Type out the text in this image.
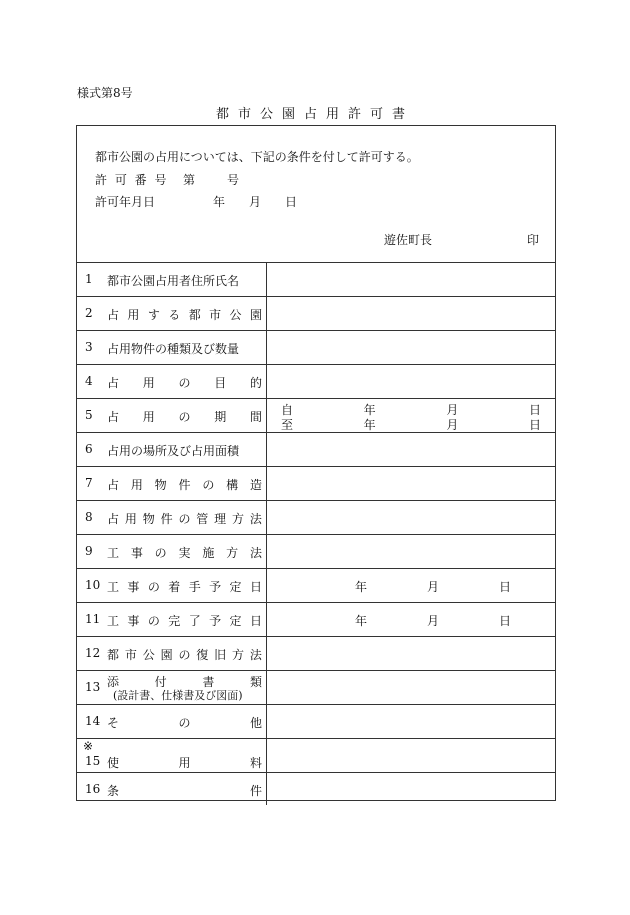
様式第8号
都市公園占用許可書
都市公園の占用については、下記の条件を付して許可する。
許 可 番 号 第	号
許可年月日	年 月 日
遊佐町長	印
1 都市公園占用者住所氏名
2 占 用 す る 都 市 公 園
3 占用物件の種類及び数量
4 占 用 の 目 的
5 占 用 の 期 間 自	年	月	日
至	年	月	日
6 占用の場所及び占用面積
7 占 用 物 件 の 構 造
8 占 用 物 件 の 管 理 方 法
9 工 事 の 実 施 方 法
10 工 事 の 着 手 予 定 日	年	月	日
11 工 事 の 完 了 予 定 日	年	月	日
12 都 市 公 園 の 復 旧 方 法
13 添	付	書	類
(設計書、仕様書及び図面)
14 そ	の	他
※
15 使	用	料
16 条	件
